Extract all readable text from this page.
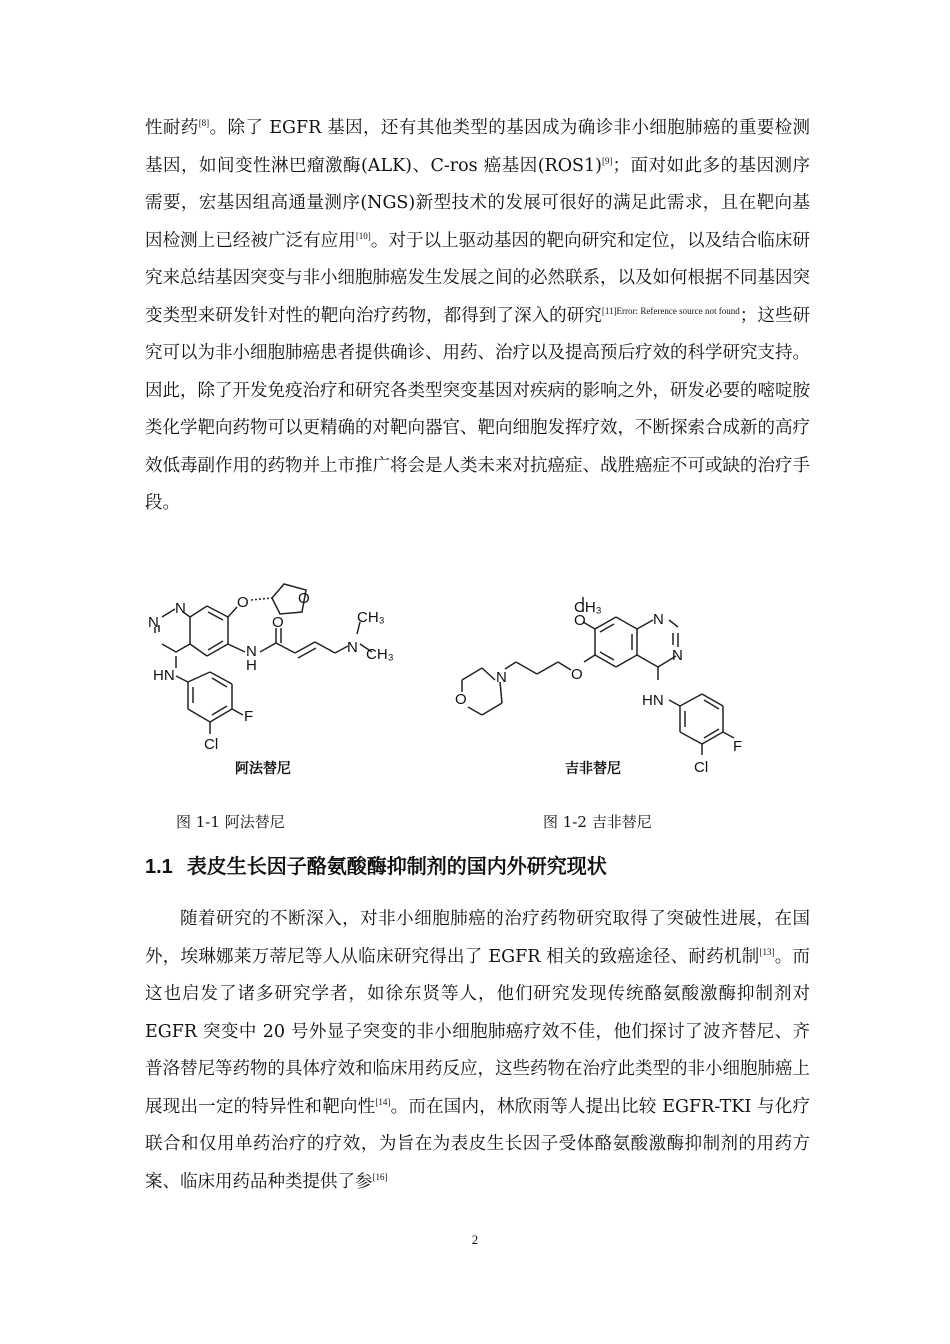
性耐药[8]。除了 EGFR 基因，还有其他类型的基因成为确诊非小细胞肺癌的重要检测基因，如间变性淋巴瘤激酶(ALK)、C-ros 癌基因(ROS1)[9]；面对如此多的基因测序需要，宏基因组高通量测序(NGS)新型技术的发展可很好的满足此需求，且在靶向基因检测上已经被广泛有应用[10]。对于以上驱动基因的靶向研究和定位，以及结合临床研究来总结基因突变与非小细胞肺癌发生发展之间的必然联系，以及如何根据不同基因突变类型来研发针对性的靶向治疗药物，都得到了深入的研究$^{[11]Error: Reference source not found}$；这些研究可以为非小细胞肺癌患者提供确诊、用药、治疗以及提高预后疗效的科学研究支持。因此，除了开发免疫治疗和研究各类型突变基因对疾病的影响之外，研发必要的嘧啶胺类化学靶向药物可以更精确的对靶向器官、靶向细胞发挥疗效，不断探索合成新的高疗效低毒副作用的药物并上市推广将会是人类未来对抗癌症、战胜癌症不可或缺的治疗手段。

N
N	O	O
O
N
H
N
CH₃
CH₃
HN
F
Cl
阿法替尼
CH₃
O	N
N
O
N
O	HN
F
Cl
吉非替尼
图 1-1 阿法替尼	图 1-2 吉非替尼
1.1 表皮生长因子酪氨酸酶抑制剂的国内外研究现状

随着研究的不断深入，对非小细胞肺癌的治疗药物研究取得了突破性进展，在国外，埃琳娜莱万蒂尼等人从临床研究得出了 EGFR 相关的致癌途径、耐药机制[13]。而这也启发了诸多研究学者，如徐东贤等人，他们研究发现传统酪氨酸激酶抑制剂对 EGFR 突变中 20 号外显子突变的非小细胞肺癌疗效不佳，他们探讨了波齐替尼、齐普洛替尼等药物的具体疗效和临床用药反应，这些药物在治疗此类型的非小细胞肺癌上展现出一定的特异性和靶向性[14]。而在国内，林欣雨等人提出比较 EGFR-TKI 与化疗联合和仅用单药治疗的疗效，为旨在为表皮生长因子受体酪氨酸激酶抑制剂的用药方案、临床用药品种类提供了参[16]

2
